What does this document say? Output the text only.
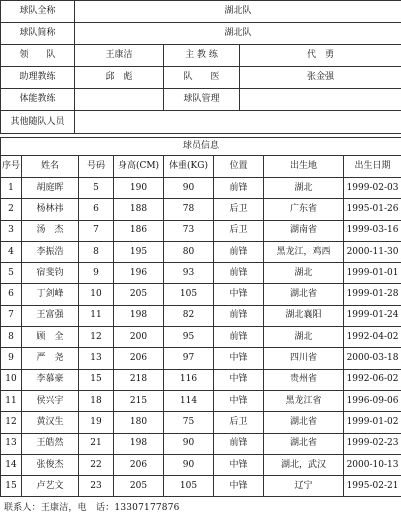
球队全称	湖北队		
球队简称	湖北队		
领　　队	王康洁	主 教 练	代　勇
助理教练	邱　彪	队　　医	张金强
体能教练		球队管理	
其他随队人员			
球员信息							
序号	姓名	号码	身高(CM)	体重(KG)	位置	出生地	出生日期
1	胡庭晖	5	190	90	前锋	湖北	1999-02-03
2	杨林祎	6	188	78	后卫	广东省	1995-01-26
3	汤　杰	7	186	73	后卫	湖南省	1999-03-16
4	李振浩	8	195	80	前锋	黑龙江，鸡西	2000-11-30
5	宿斐钧	9	196	93	前锋	湖北	1999-01-01
6	丁剑峰	10	205	105	中锋	湖北省	1999-01-28
7	王富强	11	198	82	前锋	湖北襄阳	1999-01-24
8	顾　全	12	200	95	前锋	湖北	1992-04-02
9	严　尧	13	206	97	中锋	四川省	2000-03-18
10	李慕豪	15	218	116	中锋	贵州省	1992-06-02
11	侯兴宇	18	215	114	中锋	黑龙江省	1996-09-06
12	黄汉生	19	180	75	后卫	湖北省	1999-01-02
13	王皓然	21	198	90	前锋	湖北省	1999-02-23
14	张俊杰	22	206	90	中锋	湖北，武汉	2000-10-13
15	卢艺文	23	205	105	中锋	辽宁	1995-02-21
联系人：王康洁，电　话：13307177876
